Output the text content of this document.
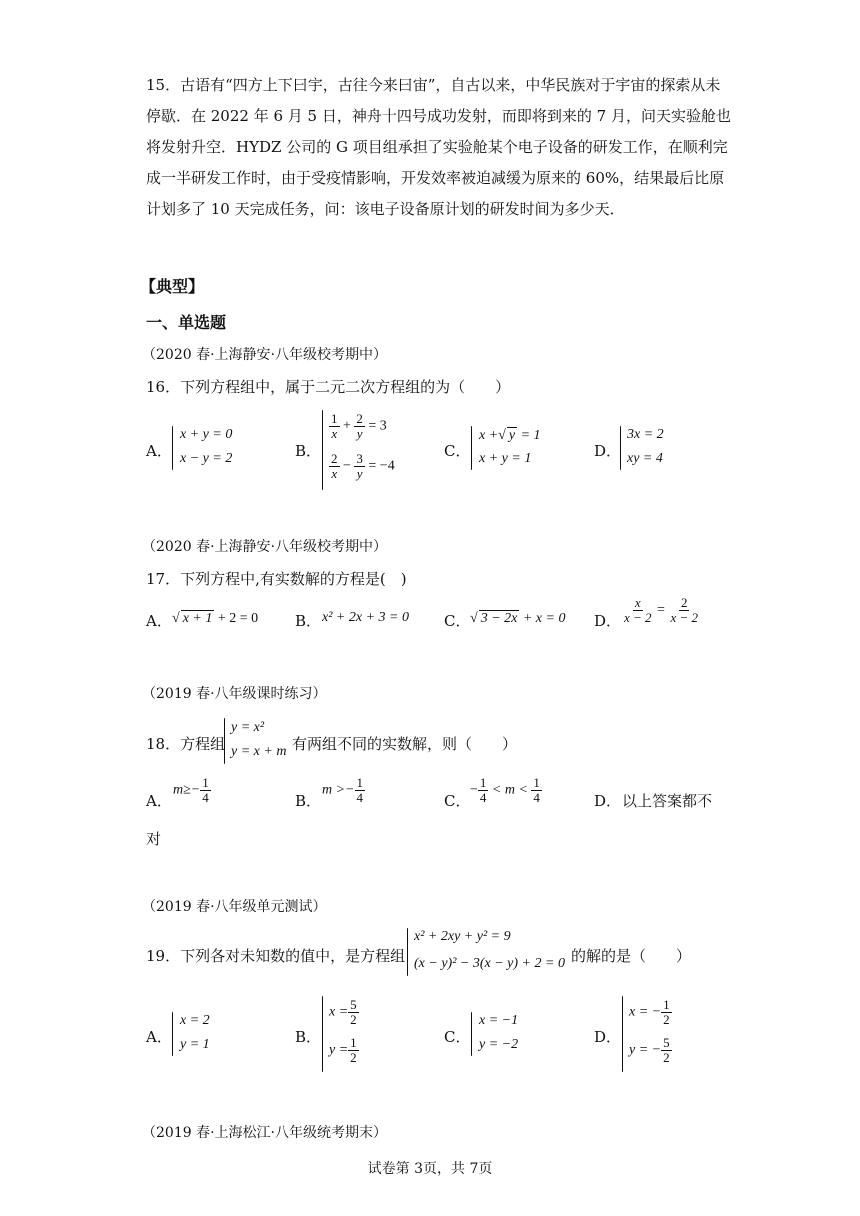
15．古语有“四方上下曰宇，古往今来曰宙”，自古以来，中华民族对于宇宙的探索从未
停歇．在 2022 年 6 月 5 日，神舟十四号成功发射，而即将到来的 7 月，问天实验舱也
将发射升空．HYDZ 公司的 G 项目组承担了实验舱某个电子设备的研发工作，在顺利完
成一半研发工作时，由于受疫情影响，开发效率被迫减缓为原来的 60%，结果最后比原
计划多了 10 天完成任务，问：该电子设备原计划的研发时间为多少天．
【典型】
一、单选题
（2020 春·上海静安·八年级校考期中）
16．下列方程组中，属于二元二次方程组的为（　　）
A．
x + y = 0
x − y = 2	B．
$\frac{1}{x} + \frac{2}{y} = 3$
$\frac{2}{x} - \frac{3}{y} = -4$
C．
x +√ y = 1
x + y = 1	D．
3x = 2
xy = 4
（2020 春·上海静安·八年级校考期中）
17．下列方程中,有实数解的方程是(　)
A． √ x + 1 + 2 = 0 B． x² + 2x + 3 = 0 C． √ 3 − 2x + x = 0 D． $\frac{x}{x - 2} = \frac{2}{x - 2}$
（2019 春·八年级课时练习）
18．方程组
y = x²
y = x + m 有两组不同的实数解，则（　　）
A．
$m\ge- \frac{1}{4}$	B．
$m >- \frac{1}{4}$	C．
− $\frac{1}{4} < m < \frac{1}{4}$	D． 以上答案都不
对
（2019 春·八年级单元测试）
19．下列各对未知数的值中，是方程组
x² + 2xy + y² = 9
(x − y)² − 3(x − y) + 2 = 0 的解的是（　　）
A．
x = 2
y = 1	B．
$x = \frac{5}{2}$
$y = \frac{1}{2}$	C．
x = −1
y = −2	D．
x = − $\frac{1}{2}$
y = − $\frac{5}{2}$
（2019 春·上海松江·八年级统考期末）
试卷第 3页，共 7页
